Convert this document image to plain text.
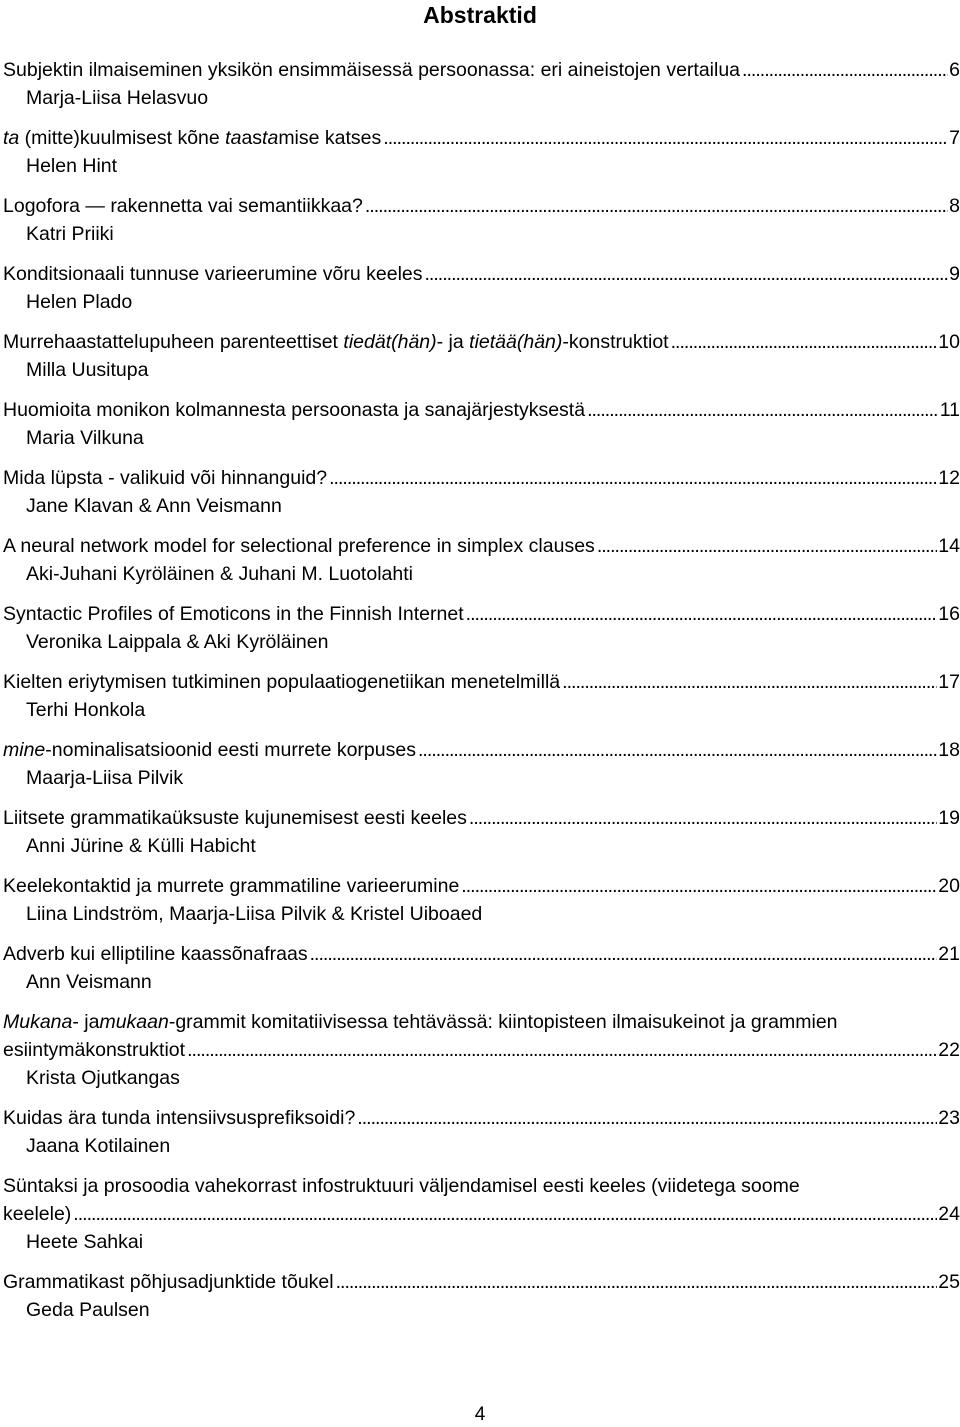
Abstraktid
Subjektin ilmaiseminen yksikön ensimmäisessä persoonassa: eri aineistojen vertailua . . .	6
Marja-Liisa Helasvuo
ta (mitte)kuulmisest kõne taastamise katses . . .	7
Helen Hint
Logofora — rakennetta vai semantiikkaa? . . .	8
Katri Priiki
Konditsionaali tunnuse varieerumine võru keeles . . .	9
Helen Plado
Murrehaastattelupuheen parenteettiset tiedät(hän)- ja tietää(hän)-konstruktiot . . .	10
Milla Uusitupa
Huomioita monikon kolmannesta persoonasta ja sanajärjestyksestä . . .	11
Maria Vilkuna
Mida lüpsta - valikuid või hinnanguid? . . .	12
Jane Klavan & Ann Veismann
A neural network model for selectional preference in simplex clauses . . .	14
Aki-Juhani Kyröläinen & Juhani M. Luotolahti
Syntactic Profiles of Emoticons in the Finnish Internet . . .	16
Veronika Laippala & Aki Kyröläinen
Kielten eriytymisen tutkiminen populaatiogenetiikan menetelmillä . . .	17
Terhi Honkola
mine-nominalisatsioonid eesti murrete korpuses . . .	18
Maarja-Liisa Pilvik
Liitsete grammatikaüksuste kujunemisest eesti keeles . . .	19
Anni Jürine & Külli Habicht
Keelekontaktid ja murrete grammatiline varieerumine . . .	20
Liina Lindström, Maarja-Liisa Pilvik & Kristel Uiboaed
Adverb kui elliptiline kaassõnafraas . . .	21
Ann Veismann
Mukana - ja mukaan -grammit komitatiivisessa tehtävässä: kiintopisteen ilmaisukeinot ja grammien
esiintymäkonstruktiot . . .	22
Krista Ojutkangas
Kuidas ära tunda intensiivsusprefiksoidi? . . .	23
Jaana Kotilainen
Süntaksi ja prosoodia vahekorrast infostruktuuri väljendamisel eesti keeles (viidetega soome
keelele) . . .	24
Heete Sahkai
Grammatikast põhjusadjunktide tõukel . . .	25
Geda Paulsen
4
